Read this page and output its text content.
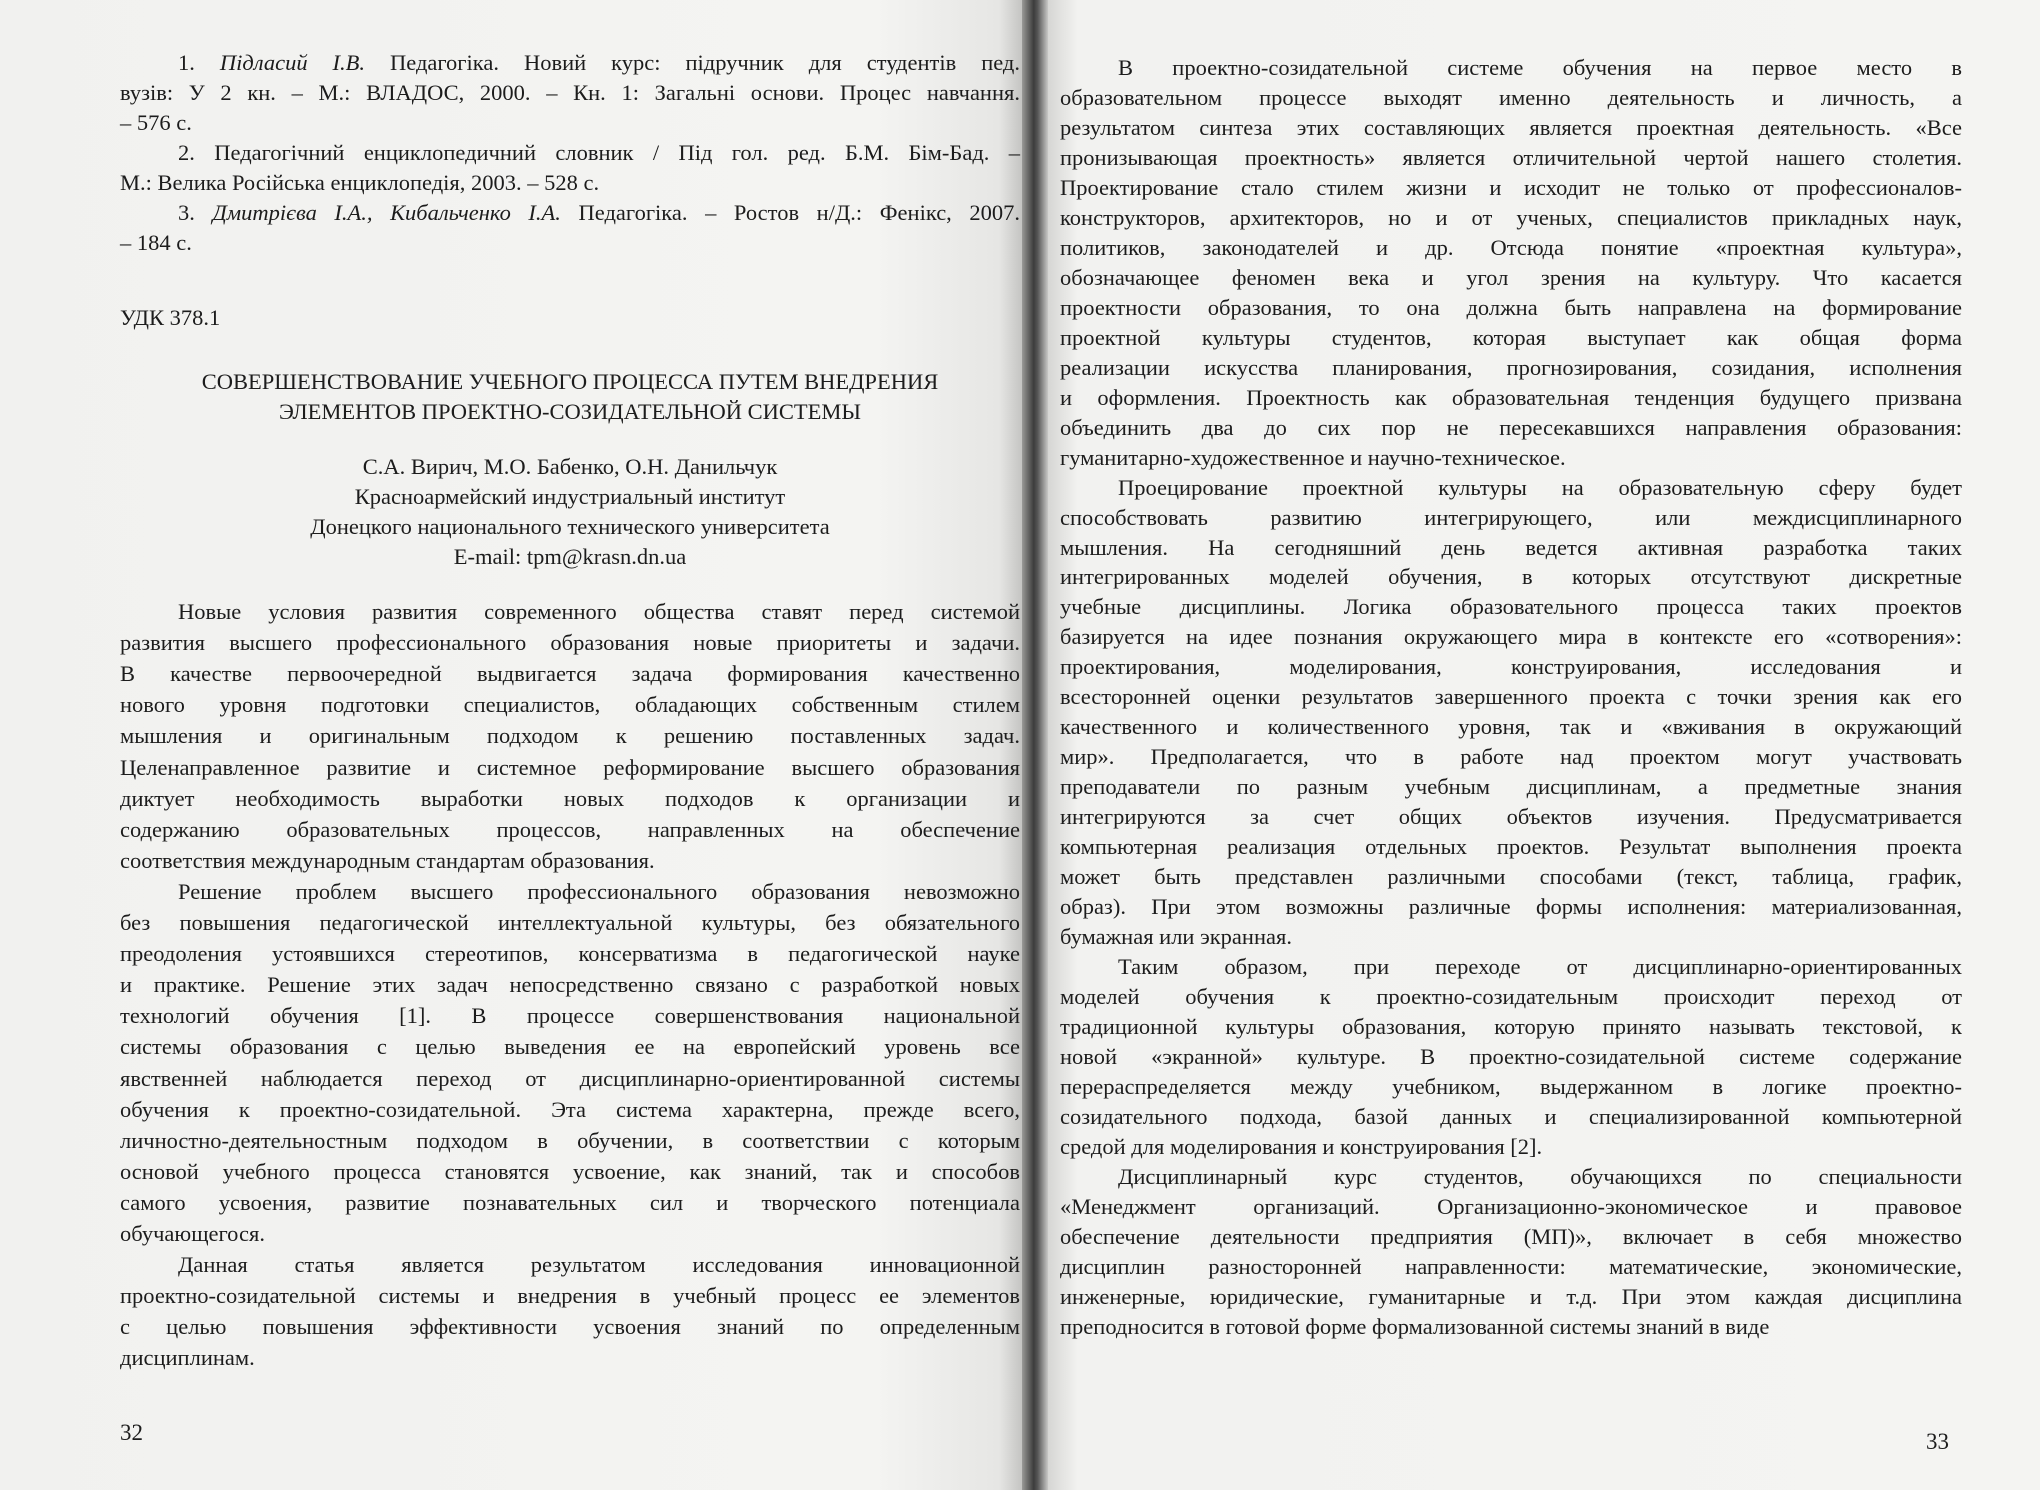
1. Підласий І.В. Педагогіка. Новий курс: підручник для студентів пед.
вузів: У 2 кн. – М.: ВЛАДОС, 2000. – Кн. 1: Загальні основи. Процес навчання.
– 576 с.
2. Педагогічний енциклопедичний словник / Під гол. ред. Б.М. Бім-Бад. –
М.: Велика Російська енциклопедія, 2003. – 528 с.
3. Дмитрієва І.А., Кибальченко І.А. Педагогіка. – Ростов н/Д.: Фенікс, 2007.
– 184 с.
УДК 378.1
СОВЕРШЕНСТВОВАНИЕ УЧЕБНОГО ПРОЦЕССА ПУТЕМ ВНЕДРЕНИЯ
ЭЛЕМЕНТОВ ПРОЕКТНО-СОЗИДАТЕЛЬНОЙ СИСТЕМЫ
С.А. Вирич, М.О. Бабенко, О.Н. Данильчук
Красноармейский индустриальный институт
Донецкого национального технического университета
E-mail: tpm@krasn.dn.ua
Новые условия развития современного общества ставят перед системой
развития высшего профессионального образования новые приоритеты и задачи.
В качестве первоочередной выдвигается задача формирования качественно
нового уровня подготовки специалистов, обладающих собственным стилем
мышления и оригинальным подходом к решению поставленных задач.
Целенаправленное развитие и системное реформирование высшего образования
диктует необходимость выработки новых подходов к организации и
содержанию образовательных процессов, направленных на обеспечение
соответствия международным стандартам образования.
Решение проблем высшего профессионального образования невозможно
без повышения педагогической интеллектуальной культуры, без обязательного
преодоления устоявшихся стереотипов, консерватизма в педагогической науке
и практике. Решение этих задач непосредственно связано с разработкой новых
технологий обучения [1]. В процессе совершенствования национальной
системы образования с целью выведения ее на европейский уровень все
явственней наблюдается переход от дисциплинарно-ориентированной системы
обучения к проектно-созидательной. Эта система характерна, прежде всего,
личностно-деятельностным подходом в обучении, в соответствии с которым
основой учебного процесса становятся усвоение, как знаний, так и способов
самого усвоения, развитие познавательных сил и творческого потенциала
обучающегося.
Данная статья является результатом исследования инновационной
проектно-созидательной системы и внедрения в учебный процесс ее элементов
с целью повышения эффективности усвоения знаний по определенным
дисциплинам.
В проектно-созидательной системе обучения на первое место в
образовательном процессе выходят именно деятельность и личность, а
результатом синтеза этих составляющих является проектная деятельность. «Все
пронизывающая проектность» является отличительной чертой нашего столетия.
Проектирование стало стилем жизни и исходит не только от профессионалов-
конструкторов, архитекторов, но и от ученых, специалистов прикладных наук,
политиков, законодателей и др. Отсюда понятие «проектная культура»,
обозначающее феномен века и угол зрения на культуру. Что касается
проектности образования, то она должна быть направлена на формирование
проектной культуры студентов, которая выступает как общая форма
реализации искусства планирования, прогнозирования, созидания, исполнения
и оформления. Проектность как образовательная тенденция будущего призвана
объединить два до сих пор не пересекавшихся направления образования:
гуманитарно-художественное и научно-техническое.
Проецирование проектной культуры на образовательную сферу будет
способствовать развитию интегрирующего, или междисциплинарного
мышления. На сегодняшний день ведется активная разработка таких
интегрированных моделей обучения, в которых отсутствуют дискретные
учебные дисциплины. Логика образовательного процесса таких проектов
базируется на идее познания окружающего мира в контексте его «сотворения»:
проектирования, моделирования, конструирования, исследования и
всесторонней оценки результатов завершенного проекта с точки зрения как его
качественного и количественного уровня, так и «вживания в окружающий
мир». Предполагается, что в работе над проектом могут участвовать
преподаватели по разным учебным дисциплинам, а предметные знания
интегрируются за счет общих объектов изучения. Предусматривается
компьютерная реализация отдельных проектов. Результат выполнения проекта
может быть представлен различными способами (текст, таблица, график,
образ). При этом возможны различные формы исполнения: материализованная,
бумажная или экранная.
Таким образом, при переходе от дисциплинарно-ориентированных
моделей обучения к проектно-созидательным происходит переход от
традиционной культуры образования, которую принято называть текстовой, к
новой «экранной» культуре. В проектно-созидательной системе содержание
перераспределяется между учебником, выдержанном в логике проектно-
созидательного подхода, базой данных и специализированной компьютерной
средой для моделирования и конструирования [2].
Дисциплинарный курс студентов, обучающихся по специальности
«Менеджмент организаций. Организационно-экономическое и правовое
обеспечение деятельности предприятия (МП)», включает в себя множество
дисциплин разносторонней направленности: математические, экономические,
инженерные, юридические, гуманитарные и т.д. При этом каждая дисциплина
преподносится в готовой форме формализованной системы знаний в виде
32	33
